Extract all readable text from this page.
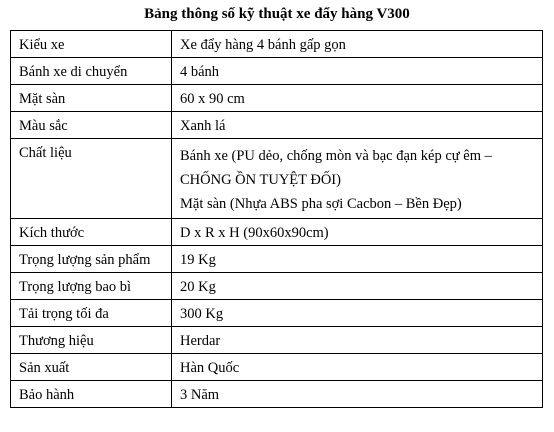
Bảng thông số kỹ thuật xe đẩy hàng V300
Kiểu xe	Xe đẩy hàng 4 bánh gấp gọn
Bánh xe di chuyển	4 bánh
Mặt sàn	60 x 90 cm
Màu sắc	Xanh lá
Chất liệu	Bánh xe (PU dẻo, chống mòn và bạc đạn kép cự êm –
CHỐNG ỒN TUYỆT ĐỐI)
Mặt sàn (Nhựa ABS pha sợi Cacbon – Bền Đẹp)

Kích thước	D x R x H (90x60x90cm)
Trọng lượng sản phẩm	19 Kg
Trọng lượng bao bì	20 Kg
Tải trọng tối đa	300 Kg
Thương hiệu	Herdar
Sản xuất	Hàn Quốc
Bảo hành	3 Năm
